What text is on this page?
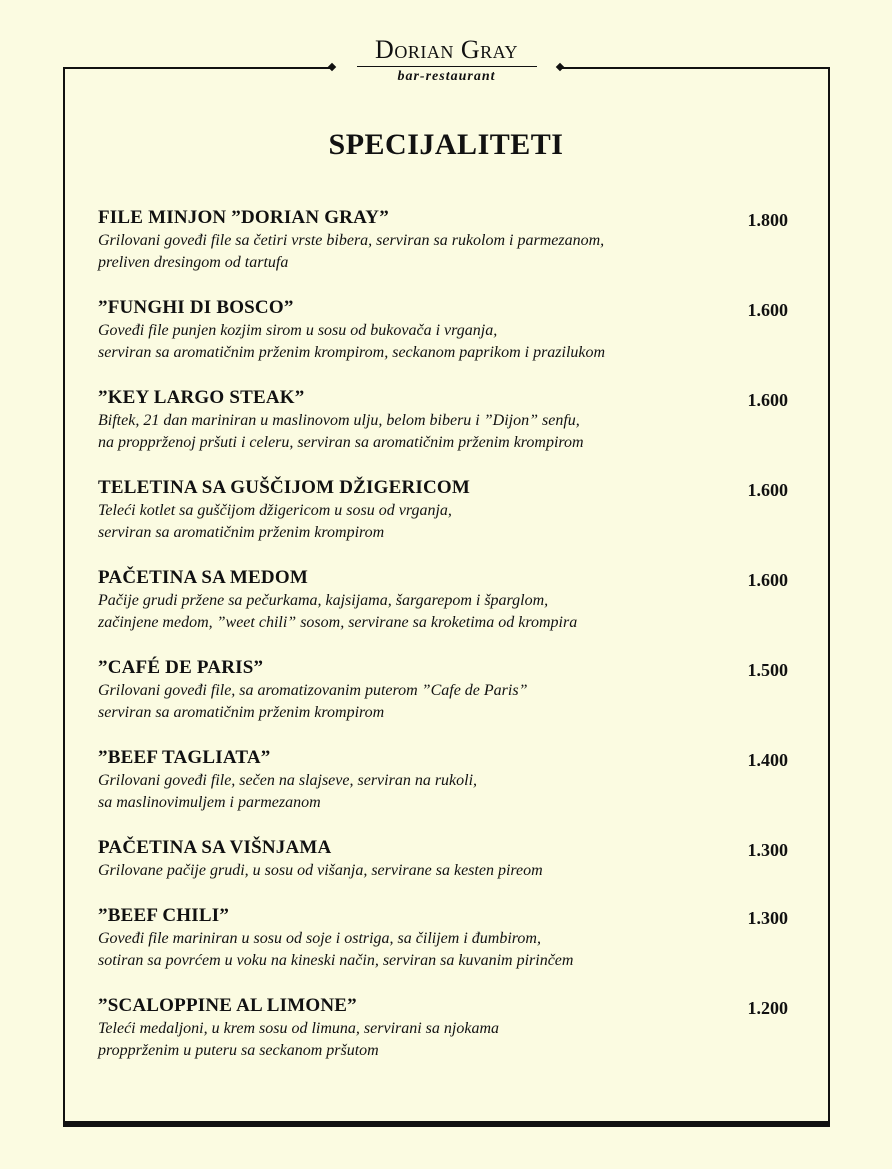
Dorian Gray
bar-restaurant
SPECIJALITETI
FILE MINJON ”DORIAN GRAY”	1.800
Grilovani goveđi file sa četiri vrste bibera, serviran sa rukolom i parmezanom,
preliven dresingom od tartufa
”FUNGHI DI BOSCO”	1.600
Goveđi file punjen kozjim sirom u sosu od bukovača i vrganja,
serviran sa aromatičnim prženim krompirom, seckanom paprikom i prazilukom
”KEY LARGO STEAK”	1.600
Biftek, 21 dan mariniran u maslinovom ulju, belom biberu i ”Dijon” senfu,
na propprženoj pršuti i celeru, serviran sa aromatičnim prženim krompirom
TELETINA SA GUŠČIJOM DŽIGERICOM	1.600
Teleći kotlet sa guščijom džigericom u sosu od vrganja,
serviran sa aromatičnim prženim krompirom
PAČETINA SA MEDOM	1.600
Pačije grudi pržene sa pečurkama, kajsijama, šargarepom i šparglom,
začinjene medom, ”weet chili” sosom, servirane sa kroketima od krompira
”CAFÉ DE PARIS”	1.500
Grilovani goveđi file, sa aromatizovanim puterom ”Cafe de Paris”
serviran sa aromatičnim prženim krompirom
”BEEF TAGLIATA”	1.400
Grilovani goveđi file, sečen na slajseve, serviran na rukoli,
sa maslinovimuljem i parmezanom
PAČETINA SA VIŠNJAMA	1.300
Grilovane pačije grudi, u sosu od višanja, servirane sa kesten pireom
”BEEF CHILI”	1.300
Goveđi file mariniran u sosu od soje i ostriga, sa čilijem i đumbirom,
sotiran sa povrćem u voku na kineski način, serviran sa kuvanim pirinčem
”SCALOPPINE AL LIMONE”	1.200
Teleći medaljoni, u krem sosu od limuna, servirani sa njokama
propprženim u puteru sa seckanom pršutom
